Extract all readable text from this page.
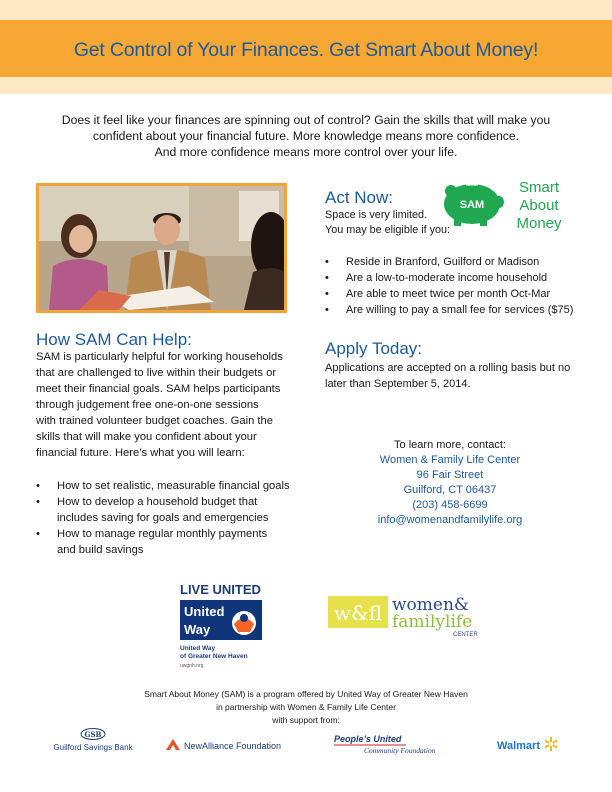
Get Control of Your Finances. Get Smart About Money!
Does it feel like your finances are spinning out of control? Gain the skills that will make you
confident about your financial future. More knowledge means more confidence.
And more confidence means more control over your life.
Act Now:
Space is very limited.
You may be eligible if you:
SAM
Smart
About
Money
• Reside in Branford, Guilford or Madison
• Are a low-to-moderate income household
• Are able to meet twice per month Oct-Mar
• Are willing to pay a small fee for services ($75)
How SAM Can Help:
SAM is particularly helpful for working households
that are challenged to live within their budgets or
meet their financial goals. SAM helps participants
through judgement free one-on-one sessions
with trained volunteer budget coaches. Gain the
skills that will make you confident about your
financial future. Here’s what you will learn:
• How to set realistic, measurable financial goals
• How to develop a household budget that
includes saving for goals and emergencies
• How to manage regular monthly payments
and build savings
Apply Today:
Applications are accepted on a rolling basis but no
later than September 5, 2014.
To learn more, contact:
Women & Family Life Center
96 Fair Street
Guilford, CT 06437
(203) 458-6699
info@womenandfamilylife.org
LIVE UNITED
United
Way
United Way
of Greater New Haven
uwgnh.org
w&fl women&
familylife
CENTER
Smart About Money (SAM) is a program offered by United Way of Greater New Haven
in partnership with Women & Family Life Center
with support from:
GSB
Guilford Savings Bank	NewAlliance Foundation
People’s United
Community Foundation	Walmart
